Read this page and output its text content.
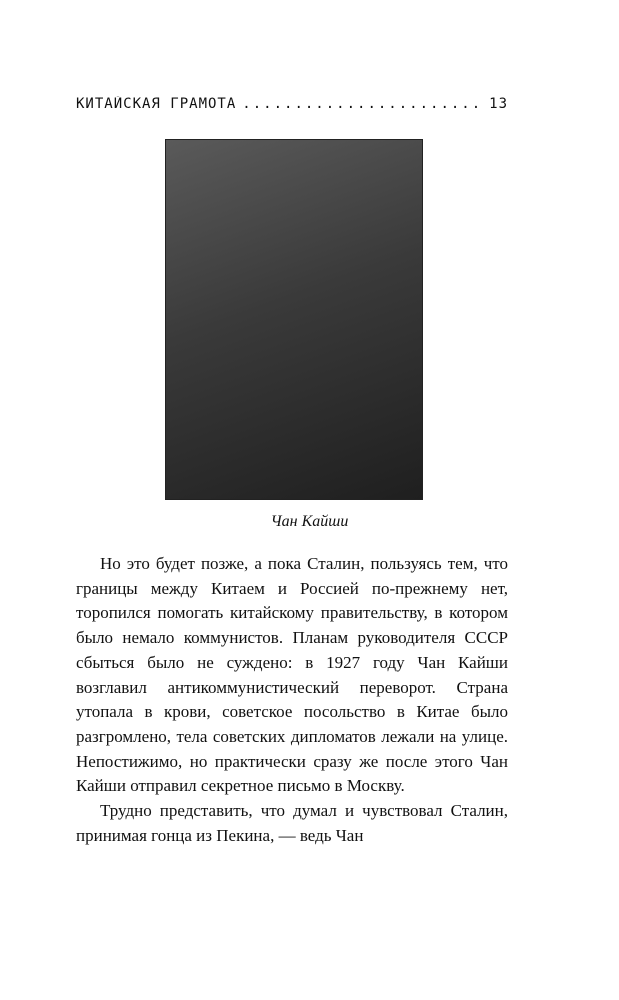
КИТАЙСКАЯ ГРАМОТА
.....	13
Чан Кайши

Но это будет позже, а пока Сталин, пользуясь тем, что границы между Китаем и Россией по-прежнему нет, торопился помогать китайскому правительству, в котором было немало коммунистов. Планам руководителя СССР сбыться было не суждено: в 1927 году Чан Кайши возглавил антикоммунистический переворот. Страна утопала в крови, советское посольство в Китае было разгромлено, тела советских дипломатов лежали на улице. Непостижимо, но практически сразу же после этого Чан Кайши отправил секретное письмо в Москву.

Трудно представить, что думал и чувствовал Сталин, принимая гонца из Пекина, — ведь Чан
